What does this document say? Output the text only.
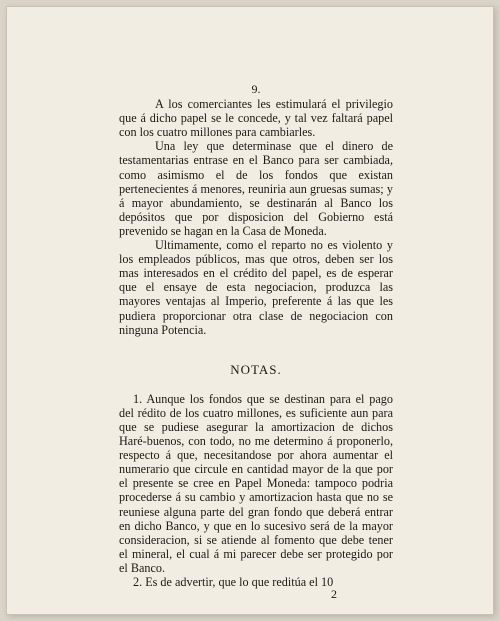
9.

A los comerciantes les estimulará el privilegio que á dicho papel se le concede, y tal vez faltará papel con los cuatro millones para cambiarles.

Una ley que determinase que el dinero de testamentarias entrase en el Banco para ser cambiada, como asimismo el de los fondos que existan pertenecientes á menores, reuniria aun gruesas sumas; y á mayor abundamiento, se destinarán al Banco los depósitos que por disposicion del Gobierno está prevenido se hagan en la Casa de Moneda.

Ultimamente, como el reparto no es violento y los empleados públicos, mas que otros, deben ser los mas interesados en el crédito del papel, es de esperar que el ensaye de esta negociacion, produzca las mayores ventajas al Imperio, preferente á las que les pudiera proporcionar otra clase de negociacion con ninguna Potencia.

NOTAS.

1. Aunque los fondos que se destinan para el pago del rédito de los cuatro millones, es suficiente aun para que se pudiese asegurar la amortizacion de dichos Haré-buenos, con todo, no me determino á proponerlo, respecto á que, necesitandose por ahora aumentar el numerario que circule en cantidad mayor de la que por el presente se cree en Papel Moneda: tampoco podria procederse á su cambio y amortizacion hasta que no se reuniese alguna parte del gran fondo que deberá entrar en dicho Banco, y que en lo sucesivo será de la mayor consideracion, si se atiende al fomento que debe tener el mineral, el cual á mi parecer debe ser protegido por el Banco.

2. Es de advertir, que lo que reditúa el 10

2
